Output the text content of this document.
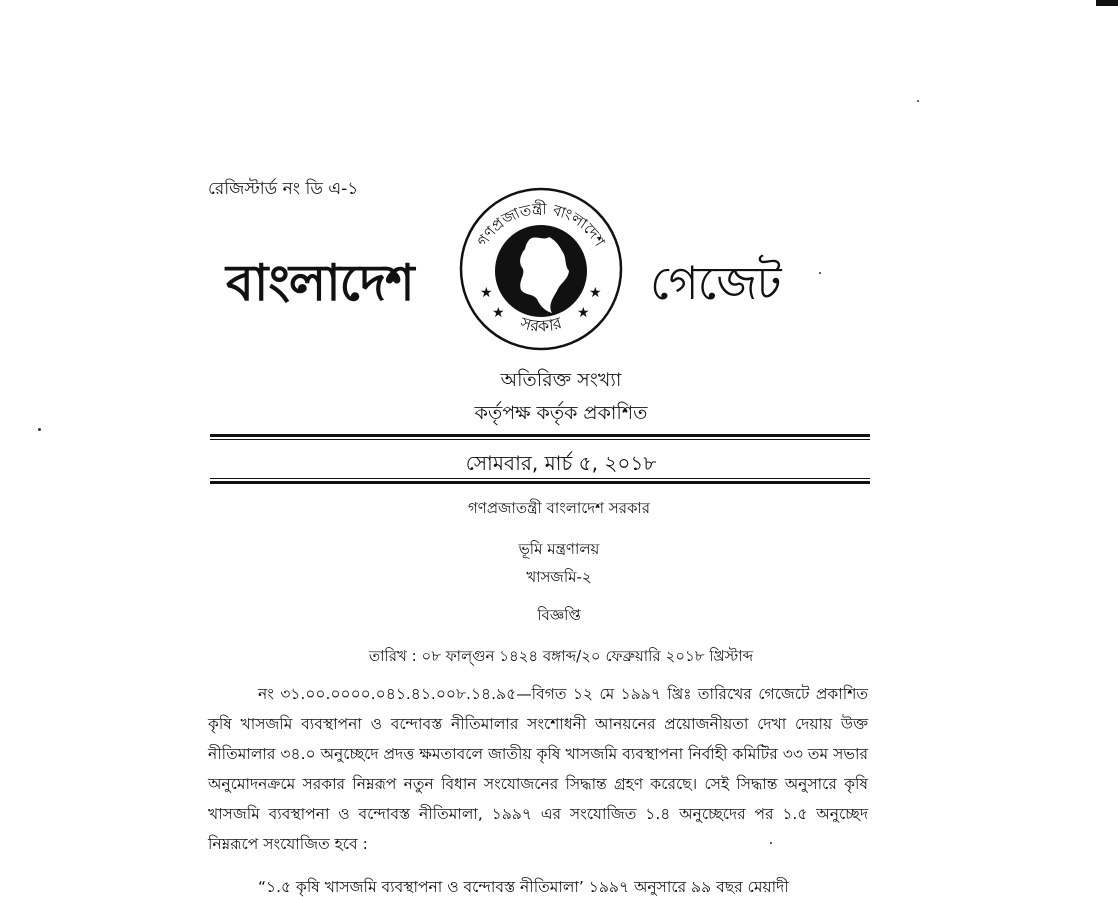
রেজিস্টার্ড নং ডি এ-১
বাংলাদেশ
গণপ্রজাতন্ত্রী বাংলাদেশ
সরকার
★
★
★
★
গেজেট
অতিরিক্ত সংখ্যা
কর্তৃপক্ষ কর্তৃক প্রকাশিত
সোমবার, মার্চ ৫, ২০১৮
গণপ্রজাতন্ত্রী বাংলাদেশ সরকার
ভূমি মন্ত্রণালয়
খাসজমি-২
বিজ্ঞপ্তি
তারিখ : ০৮ ফাল্গুন ১৪২৪ বঙ্গাব্দ/২০ ফেব্রুয়ারি ২০১৮ খ্রিস্টাব্দ

নং ৩১.০০.০০০০.০৪১.৪১.০০৮.১৪.৯৫—বিগত ১২ মে ১৯৯৭ খ্রিঃ তারিখের গেজেটে প্রকাশিত কৃষি খাসজমি ব্যবস্থাপনা ও বন্দোবস্ত নীতিমালার সংশোধনী আনয়নের প্রয়োজনীয়তা দেখা দেয়ায় উক্ত নীতিমালার ৩৪.০ অনুচ্ছেদে প্রদত্ত ক্ষমতাবলে জাতীয় কৃষি খাসজমি ব্যবস্থাপনা নির্বাহী কমিটির ৩৩ তম সভার অনুমোদনক্রমে সরকার নিম্নরূপ নতুন বিধান সংযোজনের সিদ্ধান্ত গ্রহণ করেছে। সেই সিদ্ধান্ত অনুসারে কৃষি খাসজমি ব্যবস্থাপনা ও বন্দোবস্ত নীতিমালা, ১৯৯৭ এর সংযোজিত ১.৪ অনুচ্ছেদের পর ১.৫ অনুচ্ছেদ নিম্নরূপে সংযোজিত হবে :

“১.৫ কৃষি খাসজমি ব্যবস্থাপনা ও বন্দোবস্ত নীতিমালা’ ১৯৯৭ অনুসারে ৯৯ বছর মেয়াদী
